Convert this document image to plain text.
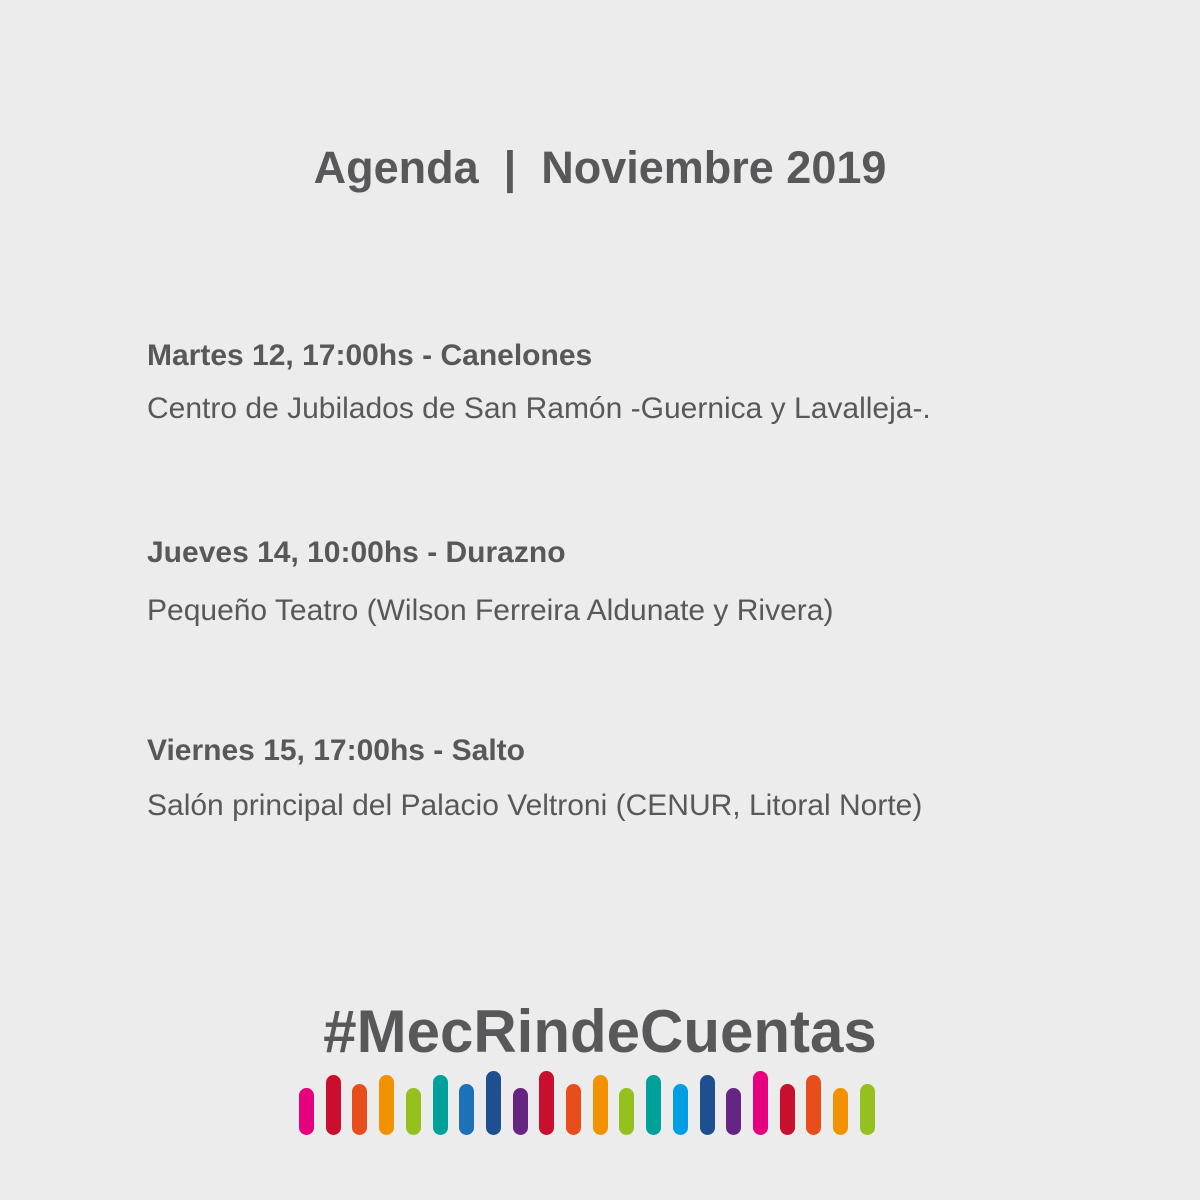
Agenda  |  Noviembre 2019
Martes 12, 17:00hs - Canelones
Centro de Jubilados de San Ramón -Guernica y Lavalleja-.
Jueves 14, 10:00hs - Durazno
Pequeño Teatro (Wilson Ferreira Aldunate y Rivera)
Viernes 15, 17:00hs - Salto
Salón principal del Palacio Veltroni (CENUR, Litoral Norte)
#MecRindeCuentas
